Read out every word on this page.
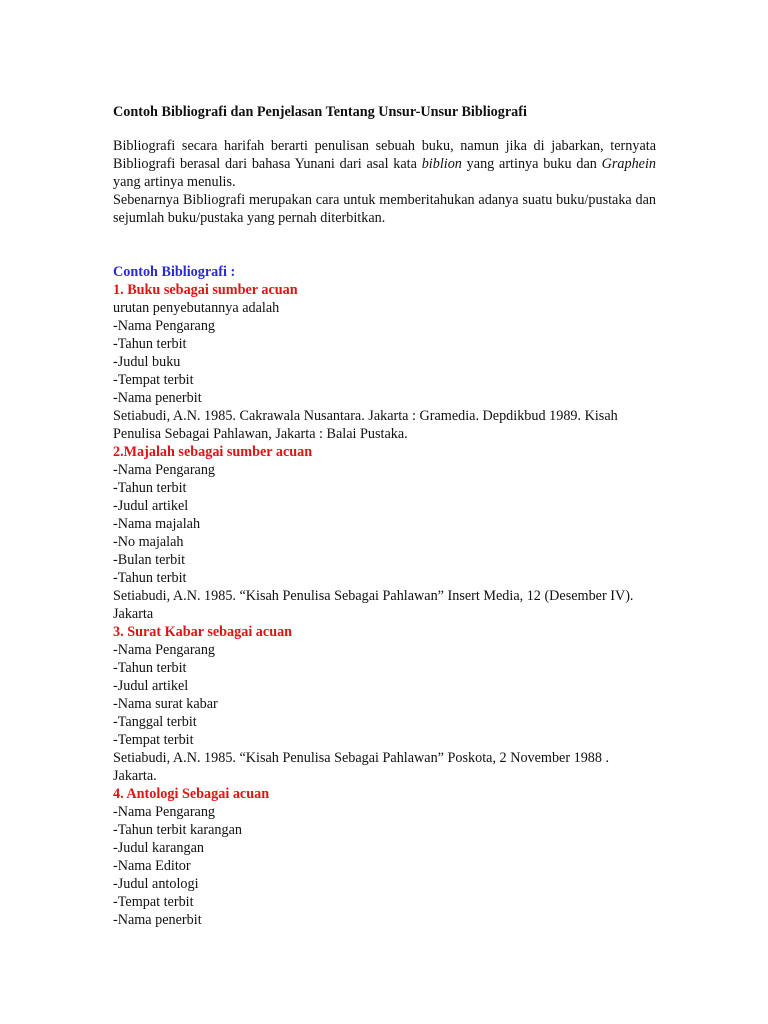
Contoh Bibliografi dan Penjelasan Tentang Unsur-Unsur Bibliografi

Bibliografi secara harifah berarti penulisan sebuah buku, namun jika di jabarkan, ternyata Bibliografi berasal dari bahasa Yunani dari asal kata biblion yang artinya buku dan Graphein yang artinya menulis.

Sebenarnya Bibliografi merupakan cara untuk memberitahukan adanya suatu buku/pustaka dan sejumlah buku/pustaka yang pernah diterbitkan.

Contoh Bibliografi :

1. Buku sebagai sumber acuan

urutan penyebutannya adalah

-Nama Pengarang

-Tahun terbit

-Judul buku

-Tempat terbit

-Nama penerbit

Setiabudi, A.N. 1985. Cakrawala Nusantara. Jakarta : Gramedia. Depdikbud 1989. Kisah Penulisa Sebagai Pahlawan, Jakarta : Balai Pustaka.

2.Majalah sebagai sumber acuan

-Nama Pengarang

-Tahun terbit

-Judul artikel

-Nama majalah

-No majalah

-Bulan terbit

-Tahun terbit

Setiabudi, A.N. 1985. “Kisah Penulisa Sebagai Pahlawan” Insert Media, 12 (Desember IV). Jakarta

3. Surat Kabar sebagai acuan

-Nama Pengarang

-Tahun terbit

-Judul artikel

-Nama surat kabar

-Tanggal terbit

-Tempat terbit

Setiabudi, A.N. 1985. “Kisah Penulisa Sebagai Pahlawan” Poskota, 2 November 1988 . Jakarta.

4. Antologi Sebagai acuan

-Nama Pengarang

-Tahun terbit karangan

-Judul karangan

-Nama Editor

-Judul antologi

-Tempat terbit

-Nama penerbit
